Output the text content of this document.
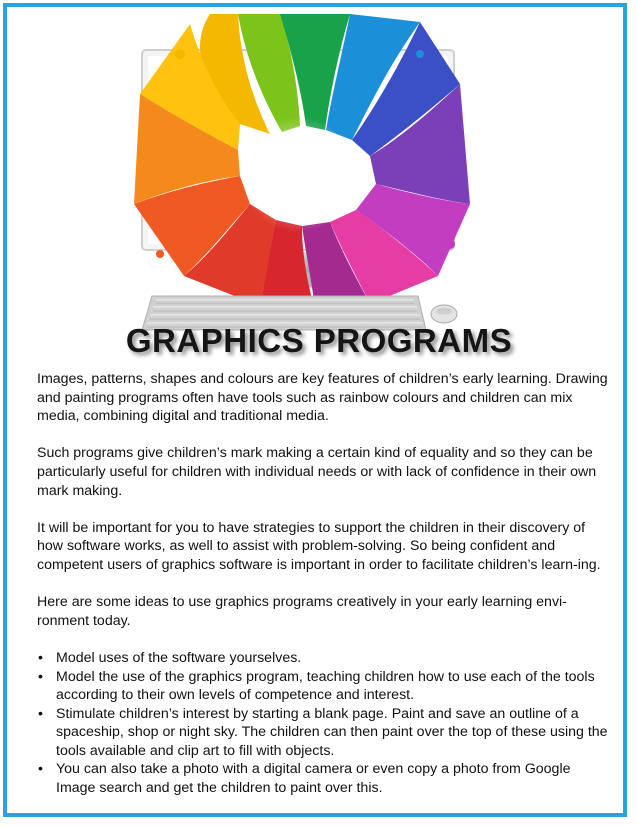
GRAPHICS PROGRAMS

Images, patterns, shapes and colours are key features of children’s early learning. Drawing and painting programs often have tools such as rainbow colours and children can mix media, combining digital and traditional media.

Such programs give children’s mark making a certain kind of equality and so they can be particularly useful for children with individual needs or with lack of confidence in their own mark making.

It will be important for you to have strategies to support the children in their discovery of how software works, as well to assist with problem-solving. So being confident and competent users of graphics software is important in order to facilitate children’s learn-ing.

Here are some ideas to use graphics programs creatively in your early learning envi-ronment today.

• Model uses of the software yourselves.
• Model the use of the graphics program, teaching children how to use each of the tools according to their own levels of competence and interest.
• Stimulate children’s interest by starting a blank page. Paint and save an outline of a spaceship, shop or night sky. The children can then paint over the top of these using the tools available and clip art to fill with objects.
• You can also take a photo with a digital camera or even copy a photo from Google Image search and get the children to paint over this.
